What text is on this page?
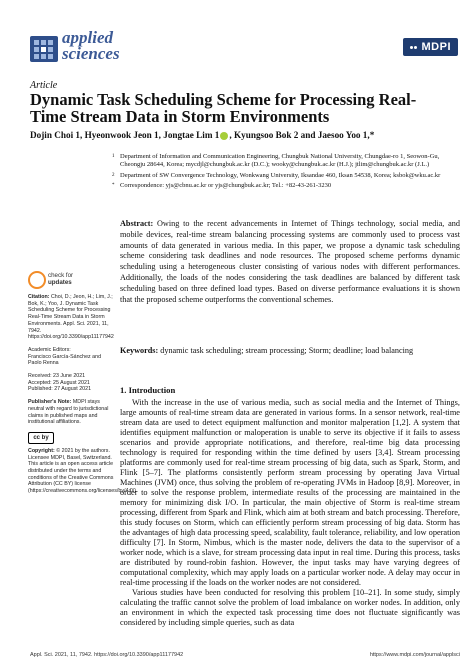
applied
sciences	MDPI
Article
Dynamic Task Scheduling Scheme for Processing Real-Time Stream Data in Storm Environments
Dojin Choi 1, Hyeonwook Jeon 1, Jongtae Lim 1 , Kyungsoo Bok 2 and Jaesoo Yoo 1,*

1 Department of Information and Communication Engineering, Chungbuk National University, Chungdae-ro 1, Seowon-Gu, Cheongju 28644, Korea; mycdjl@chungbuk.ac.kr (D.C.); wooky@chungbuk.ac.kr (H.J.); jtlim@chungbuk.ac.kr (J.L.)

2 Department of SW Convergence Technology, Wonkwang University, Iksandae 460, Iksan 54538, Korea; ksbok@wku.ac.kr

* Correspondence: yjs@cbnu.ac.kr or yjs@chungbuk.ac.kr; Tel.: +82-43-261-3230

Abstract: Owing to the recent advancements in Internet of Things technology, social media, and mobile devices, real-time stream balancing processing systems are commonly used to process vast amounts of data generated in various media. In this paper, we propose a dynamic task scheduling scheme considering task deadlines and node resources. The proposed scheme performs dynamic scheduling using a heterogeneous cluster consisting of various nodes with different performances. Additionally, the loads of the nodes considering the task deadlines are balanced by different task scheduling based on three defined load types. Based on diverse performance evaluations it is shown that the proposed scheme outperforms the conventional schemes.
Keywords: dynamic task scheduling; stream processing; Storm; deadline; load balancing
check for
updates

Citation: Choi, D.; Jeon, H.; Lim, J.; Bok, K.; Yoo, J. Dynamic Task Scheduling Scheme for Processing Real-Time Stream Data in Storm Environments. Appl. Sci. 2021, 11, 7942. https://doi.org/10.3390/app11177942

Academic Editors:
Francisco García-Sánchez and Paolo Renna

Received: 23 June 2021
Accepted: 25 August 2021
Published: 27 August 2021

Publisher's Note: MDPI stays neutral with regard to jurisdictional claims in published maps and institutional affiliations.

cc by

Copyright: © 2021 by the authors. Licensee MDPI, Basel, Switzerland. This article is an open access article distributed under the terms and conditions of the Creative Commons Attribution (CC BY) license (https://creativecommons.org/licenses/by/4.0/).

1. Introduction

With the increase in the use of various media, such as social media and the Internet of Things, large amounts of real-time stream data are generated in various forms. In a sensor network, real-time stream data are used to detect equipment malfunction and monitor malperation [1,2]. A system that identifies equipment malfunction or maloperation is unable to serve its objective if it fails to assess scenarios and provide appropriate notifications, and therefore, real-time big data processing technology is required for responding within the time defined by users [3,4]. Stream processing platforms are commonly used for real-time stream processing of big data, such as Spark, Storm, and Flink [5–7]. The platforms consistently perform stream processing by operating Java Virtual Machines (JVM) once, thus solving the problem of re-operating JVMs in Hadoop [8,9]. Moreover, in order to solve the response problem, intermediate results of the processing are maintained in the memory for minimizing disk I/O. In particular, the main objective of Storm is real-time stream processing, different from Spark and Flink, which aim at both stream and batch processing. Therefore, this study focuses on Storm, which can efficiently perform stream processing of big data. Storm has the advantages of high data processing speed, scalability, fault tolerance, reliability, and low operation difficulty [7]. In Storm, Nimbus, which is the master node, delivers the data to the supervisor of a worker node, which is a slave, for stream processing data input in real time. During this process, tasks are distributed by round-robin fashion. However, the input tasks may have varying degrees of computational complexity, which may apply loads on a particular worker node. A delay may occur in real-time processing if the loads on the worker nodes are not considered.

Various studies have been conducted for resolving this problem [10–21]. In some study, simply calculating the traffic cannot solve the problem of load imbalance on worker nodes. In addition, only an environment in which the expected task processing time does not fluctuate significantly was considered by including simple queries, such as data

Appl. Sci. 2021, 11, 7942. https://doi.org/10.3390/app11177942	https://www.mdpi.com/journal/applsci
